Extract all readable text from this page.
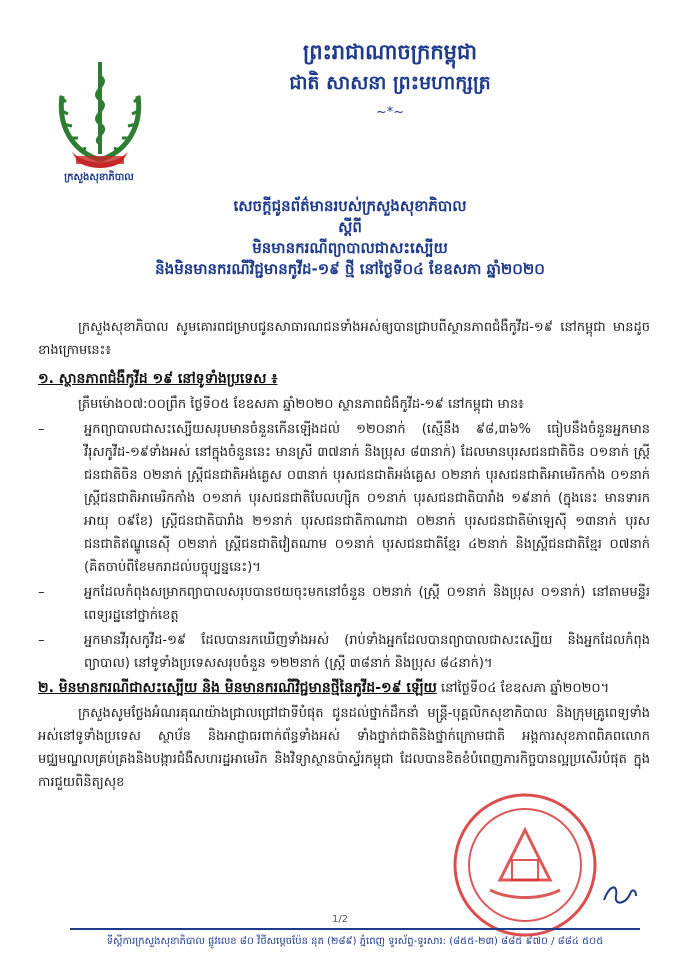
ក្រសួងសុខាភិបាល
ព្រះរាជាណាចក្រកម្ពុជា
ជាតិ សាសនា ព្រះមហាក្សត្រ
~*~

សេចក្តីជូនព័ត៌មានរបស់ក្រសួងសុខាភិបាល

ស្តីពី

មិនមានករណីព្យាបាលជាសះស្បើយ

និងមិនមានករណីវិជ្ជមានកូវីដ-១៩ ថ្មី នៅថ្ងៃទី០៤ ខែឧសភា ឆ្នាំ២០២០

ក្រសួងសុខាភិបាល សូមគោរពជម្រាបជូនសាធារណជនទាំងអស់ឲ្យបានជ្រាបពីស្ថានភាពជំងឺកូវីដ-១៩ នៅកម្ពុជា មានដូចខាងក្រោមនេះ៖

១. ស្ថានភាពជំងឺកូវីដ ១៩ នៅទូទាំងប្រទេស ៖

ត្រឹមម៉ោង០៧:០០ព្រឹក ថ្ងៃទី០៥ ខែឧសភា ឆ្នាំ២០២០ ស្ថានភាពជំងឺកូវីដ-១៩ នៅកម្ពុជា មាន៖

–	អ្នកព្យាបាលជាសះស្បើយសរុបមានចំនួនកើនឡើងដល់ ១២០នាក់ (ស្មើនឹង ៩៨,៣៦% ធៀបនឹងចំនួនអ្នកមានវីរុសកូវីដ-១៩ទាំងអស់ នៅក្នុងចំនួននេះ មានស្រី ៣៧នាក់ និងប្រុស ៨៣នាក់) ដែលមានបុរសជនជាតិចិន ០១នាក់ ស្ត្រីជនជាតិចិន ០២នាក់ ស្ត្រីជនជាតិអង់គ្លេស ០៣នាក់ បុរសជនជាតិអង់គ្លេស ០២នាក់ បុរសជនជាតិអាមេរិកកាំង ០១នាក់ ស្ត្រីជនជាតិអាមេរិកកាំង ០១នាក់ បុរសជនជាតិបែលហ្ស៊ិក ០១នាក់ បុរសជនជាតិបារាំង ១៩នាក់ (ក្នុងនេះ មានទារកអាយុ ០៩ខែ) ស្ត្រីជនជាតិបារាំង ២១នាក់ បុរសជនជាតិកាណាដា ០២នាក់ បុរសជនជាតិម៉ាឡេស៊ី ១៣នាក់ បុរសជនជាតិឥណ្ឌូនេស៊ី ០២នាក់ ស្ត្រីជនជាតិវៀតណាម ០១នាក់ បុរសជនជាតិខ្មែរ ៤២នាក់ និងស្ត្រីជនជាតិខ្មែរ ០៧នាក់ (គិតចាប់ពីខែមករាដល់បច្ចុប្បន្ននេះ)។
–	អ្នកដែលកំពុងសម្រាកព្យាបាលសរុបបានថយចុះមកនៅចំនួន ០២នាក់ (ស្ត្រី ០១នាក់ និងប្រុស ០១នាក់) នៅតាមមន្ទីរពេទ្យរដ្ឋនៅថ្នាក់ខេត្ត
–	អ្នកមានវីរុសកូវីដ-១៩ ដែលបានរកឃើញទាំងអស់ (រាប់ទាំងអ្នកដែលបានព្យាបាលជាសះស្បើយ និងអ្នកដែលកំពុងព្យាបាល) នៅទូទាំងប្រទេសសរុបចំនួន ១២២នាក់ (ស្ត្រី ៣៨នាក់ និងប្រុស ៨៤នាក់)។

២. មិនមានករណីជាសះស្បើយ និង មិនមានករណីវិជ្ជមានថ្មីនៃកូវីដ-១៩ ឡើយ នៅថ្ងៃទី០៤ ខែឧសភា ឆ្នាំ២០២០។

ក្រសួងសូមថ្លែងអំណរគុណយ៉ាងជ្រាលជ្រៅជាទីបំផុត ជូនដល់ថ្នាក់ដឹកនាំ មន្ត្រី-បុគ្គលិកសុខាភិបាល និងក្រុមគ្រូពេទ្យទាំងអស់នៅទូទាំងប្រទេស ស្ថាប័ន និងអាជ្ញាធរពាក់ព័ន្ធទាំងអស់ ទាំងថ្នាក់ជាតិនិងថ្នាក់ក្រោមជាតិ អង្គការសុខភាពពិភពលោក មជ្ឈមណ្ឌលគ្រប់គ្រងនិងបង្ការជំងឺសហរដ្ឋអាមេរិក និងវិទ្យាស្ថានប៉ាស្ទ័រកម្ពុជា ដែលបានខិតខំបំពេញភារកិច្ចបានល្អប្រសើរបំផុត ក្នុងការជួយពិនិត្យសុខ

1/2
ទីស្តីការក្រសួងសុខាភិបាល ផ្លូវលេខ ៨០ វិថីសម្តេចប៉ែន នុត (២៨៩) ភ្នំពេញ ទូរស័ព្ទ-ទូរសារ: (៨៥៥-២៣) ៨៨៥ ៩៧០ / ៨៨៤ ៥០៥
